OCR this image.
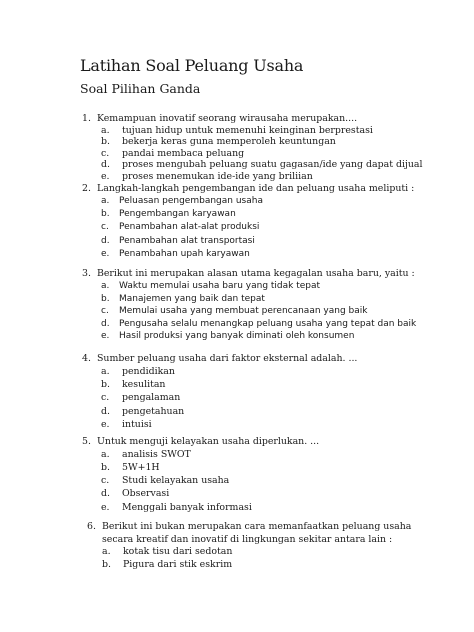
Latihan Soal Peluang Usaha
Soal Pilihan Ganda
1. Kemampuan inovatif seorang wirausaha merupakan....
a.	tujuan hidup untuk memenuhi keinginan berprestasi
b.	bekerja keras guna memperoleh keuntungan
c.	pandai membaca peluang
d.	proses mengubah peluang suatu gagasan/ide yang dapat dijual
e.	proses menemukan ide-ide yang briliian
2. Langkah-langkah pengembangan ide dan peluang usaha meliputi :
a.	Peluasan pengembangan usaha
b.	Pengembangan karyawan
c.	Penambahan alat-alat produksi
d.	Penambahan alat transportasi
e.	Penambahan upah karyawan
3. Berikut ini merupakan alasan utama kegagalan usaha baru, yaitu :
a.	Waktu memulai usaha baru yang tidak tepat
b.	Manajemen yang baik dan tepat
c.	Memulai usaha yang membuat perencanaan yang baik
d.	Pengusaha selalu menangkap peluang usaha yang tepat dan baik
e.	Hasil produksi yang banyak diminati oleh konsumen
4. Sumber peluang usaha dari faktor eksternal adalah. ...
a.	pendidikan
b.	kesulitan
c.	pengalaman
d.	pengetahuan
e.	intuisi
5. Untuk menguji kelayakan usaha diperlukan. ...
a.	analisis SWOT
b.	5W+1H
c.	Studi kelayakan usaha
d.	Observasi
e.	Menggali banyak informasi
6. Berikut ini bukan merupakan cara memanfaatkan peluang usaha secara kreatif dan inovatif di lingkungan sekitar antara lain :
a.	kotak tisu dari sedotan
b.	Pigura dari stik eskrim
